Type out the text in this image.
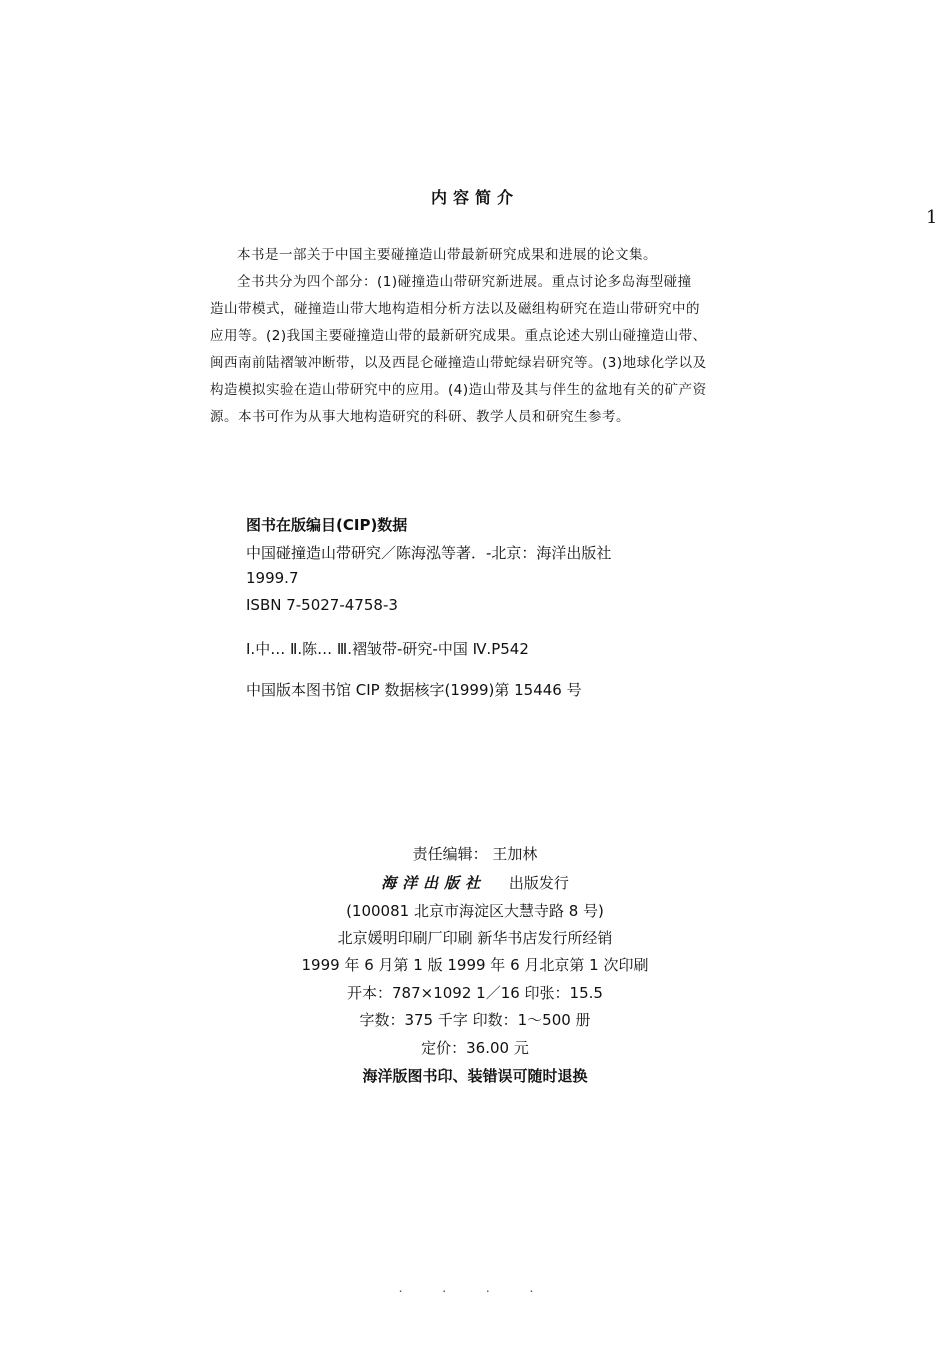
1
内容简介
本书是一部关于中国主要碰撞造山带最新研究成果和进展的论文集。
全书共分为四个部分：(1)碰撞造山带研究新进展。重点讨论多岛海型碰撞
造山带模式，碰撞造山带大地构造相分析方法以及磁组构研究在造山带研究中的
应用等。(2)我国主要碰撞造山带的最新研究成果。重点论述大别山碰撞造山带、
闽西南前陆褶皱冲断带，以及西昆仑碰撞造山带蛇绿岩研究等。(3)地球化学以及
构造模拟实验在造山带研究中的应用。(4)造山带及其与伴生的盆地有关的矿产资
源。本书可作为从事大地构造研究的科研、教学人员和研究生参考。
图书在版编目(CIP)数据
中国碰撞造山带研究／陈海泓等著．-北京：海洋出版社
1999.7
ISBN 7-5027-4758-3
Ⅰ.中… Ⅱ.陈… Ⅲ.褶皱带-研究-中国 Ⅳ.P542
中国版本图书馆 CIP 数据核字(1999)第 15446 号
责任编辑： 王加林
海洋出版社 出版发行
(100081 北京市海淀区大慧寺路 8 号)
北京媛明印刷厂印刷 新华书店发行所经销
1999 年 6 月第 1 版 1999 年 6 月北京第 1 次印刷
开本：787×1092 1／16 印张：15.5
字数：375 千字 印数：1～500 册
定价：36.00 元
海洋版图书印、装错误可随时退换
. . . .
